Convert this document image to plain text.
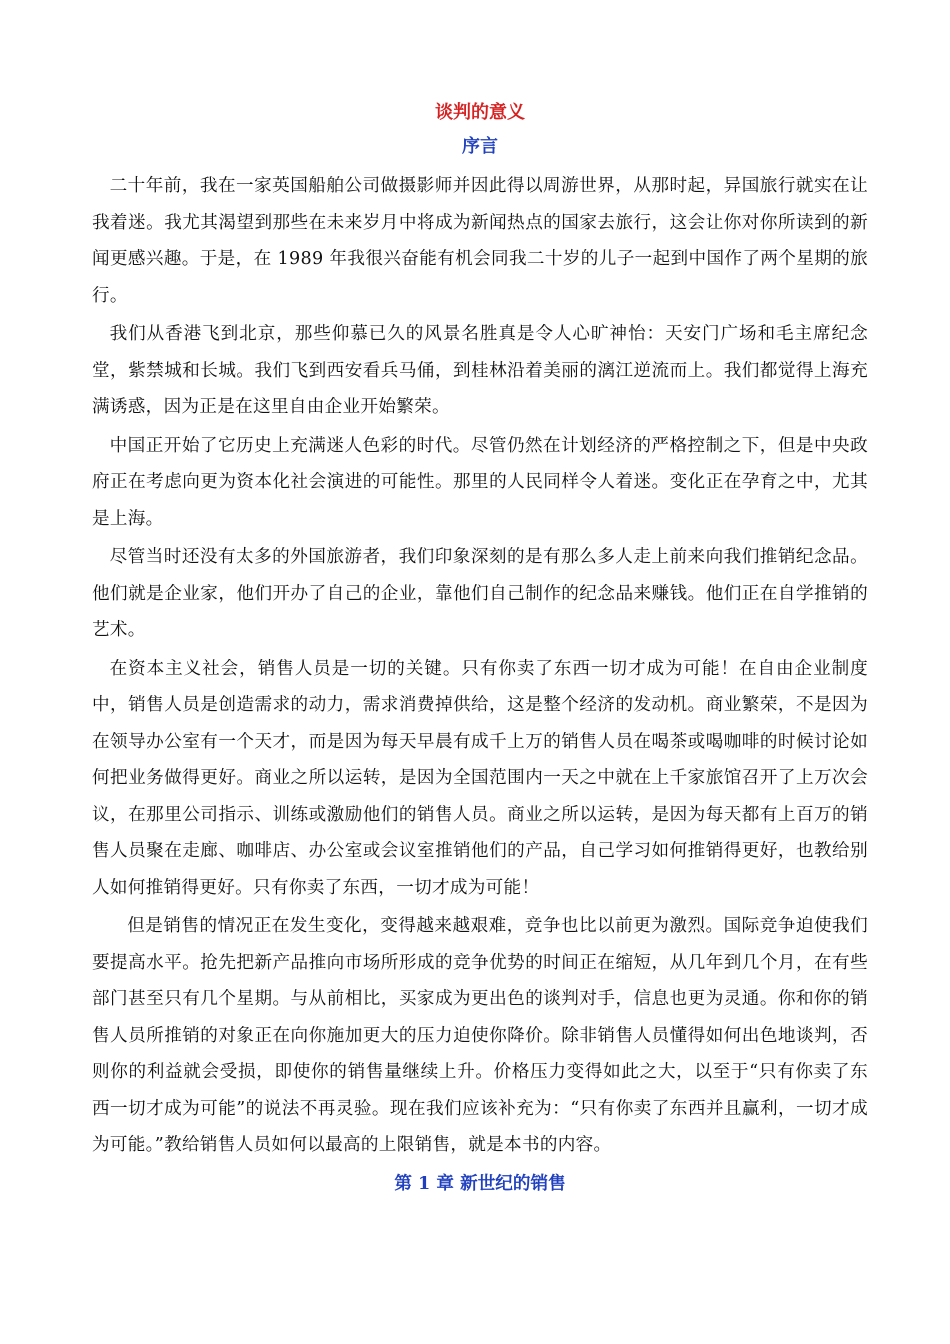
谈判的意义
序言

二十年前，我在一家英国船舶公司做摄影师并因此得以周游世界，从那时起，异国旅行就实在让我着迷。我尤其渴望到那些在未来岁月中将成为新闻热点的国家去旅行，这会让你对你所读到的新闻更感兴趣。于是，在 1989 年我很兴奋能有机会同我二十岁的儿子一起到中国作了两个星期的旅行。

我们从香港飞到北京，那些仰慕已久的风景名胜真是令人心旷神怡：天安门广场和毛主席纪念堂，紫禁城和长城。我们飞到西安看兵马俑，到桂林沿着美丽的漓江逆流而上。我们都觉得上海充满诱惑，因为正是在这里自由企业开始繁荣。

中国正开始了它历史上充满迷人色彩的时代。尽管仍然在计划经济的严格控制之下，但是中央政府正在考虑向更为资本化社会演进的可能性。那里的人民同样令人着迷。变化正在孕育之中，尤其是上海。

尽管当时还没有太多的外国旅游者，我们印象深刻的是有那么多人走上前来向我们推销纪念品。他们就是企业家，他们开办了自己的企业，靠他们自己制作的纪念品来赚钱。他们正在自学推销的艺术。

在资本主义社会，销售人员是一切的关键。只有你卖了东西一切才成为可能！在自由企业制度中，销售人员是创造需求的动力，需求消费掉供给，这是整个经济的发动机。商业繁荣，不是因为在领导办公室有一个天才，而是因为每天早晨有成千上万的销售人员在喝茶或喝咖啡的时候讨论如何把业务做得更好。商业之所以运转，是因为全国范围内一天之中就在上千家旅馆召开了上万次会议，在那里公司指示、训练或激励他们的销售人员。商业之所以运转，是因为每天都有上百万的销售人员聚在走廊、咖啡店、办公室或会议室推销他们的产品，自己学习如何推销得更好，也教给别人如何推销得更好。只有你卖了东西，一切才成为可能！

但是销售的情况正在发生变化，变得越来越艰难，竞争也比以前更为激烈。国际竞争迫使我们要提高水平。抢先把新产品推向市场所形成的竞争优势的时间正在缩短，从几年到几个月，在有些部门甚至只有几个星期。与从前相比，买家成为更出色的谈判对手，信息也更为灵通。你和你的销售人员所推销的对象正在向你施加更大的压力迫使你降价。除非销售人员懂得如何出色地谈判，否则你的利益就会受损，即使你的销售量继续上升。价格压力变得如此之大，以至于“只有你卖了东西一切才成为可能”的说法不再灵验。现在我们应该补充为：“只有你卖了东西并且赢利，一切才成为可能。”教给销售人员如何以最高的上限销售，就是本书的内容。

第 1 章 新世纪的销售
